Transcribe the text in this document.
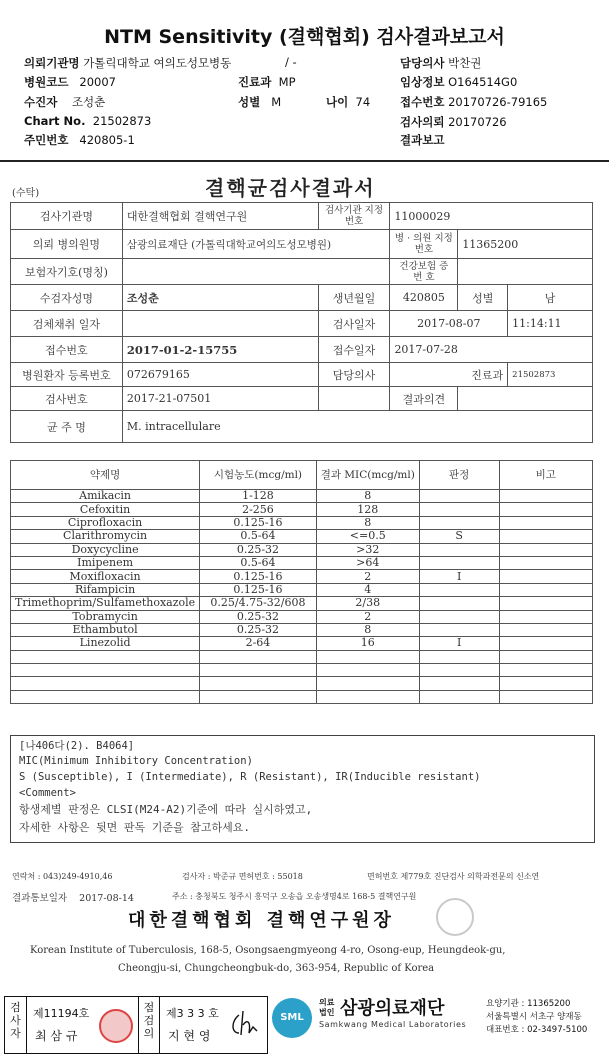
NTM Sensitivity (결핵협회) 검사결과보고서
의뢰기관명 가톨릭대학교 여의도성모병동	/ -	담당의사 박찬권
병원코드 20007	진료과 MP	임상정보 O164514G0
수진자 조성춘	성별 M	나이 74	접수번호 20170726-79165
Chart No. 21502873	검사의뢰 20170726
주민번호 420805-1	결과보고
(수탁)	결핵균검사결과서
검사기관명	대한결핵협회 결핵연구원	검사기관 지정번호	11000029		
의뢰 병의원명	삼광의료재단 (가톨릭대학교여의도성모병원)		병 · 의원 지정번호	11365200	
보험자기호(명칭)			건강보험 증 번 호		
수검자성명	조성춘	생년월일	420805	성별	남
검체채취 일자		검사일자	2017-08-07		11:14:11
접수번호	2017-01-2-15755	접수일자	2017-07-28		
병원환자 등록번호	072679165	담당의사	진료과		21502873
검사번호	2017-21-07501		결과의견		
균 주 명	M. intracellulare				
약제명	시험농도(mcg/ml)	결과 MIC(mcg/ml)	판정	비고
Amikacin	1-128	8		
Cefoxitin	2-256	128		
Ciprofloxacin	0.125-16	8		
Clarithromycin	0.5-64	<=0.5	S	
Doxycycline	0.25-32	>32		
Imipenem	0.5-64	>64		
Moxifloxacin	0.125-16	2	I	
Rifampicin	0.125-16	4		
Trimethoprim/Sulfamethoxazole	0.25/4.75-32/608	2/38		
Tobramycin	0.25-32	2		
Ethambutol	0.25-32	8		
Linezolid	2-64	16	I	

[나406다(2). B4064]
MIC(Minimum Inhibitory Concentration)
S (Susceptible), I (Intermediate), R (Resistant), IR(Inducible resistant)
<Comment>
항생제별 판정은 CLSI(M24-A2)기준에 따라 실시하였고,
자세한 사항은 뒷면 판독 기준을 참고하세요.
연락처 : 043)249-4910,46	검사자 : 박준규 면허번호 : 55018	면허번호 제779호 진단검사 의학과전문의 신소연
결과통보일자 2017-08-14	주소 : 충청북도 청주시 흥덕구 오송읍 오송생명4로 168-5 결핵연구원
대한결핵협회 결핵연구원장
Korean Institute of Tuberculosis, 168-5, Osongsaengmyeong 4-ro, Osong-eup, Heungdeok-gu,
Cheongju-si, Chungcheongbuk-do, 363-954, Republic of Korea
검사자
제11194호
최 삼 규
점검의
제3 3 3 호
지 현 영
SML
의료
법인 삼광의료재단
Samkwang Medical Laboratories
요양기관 : 11365200
서울특별시 서초구 양재동
대표번호 : 02-3497-5100
